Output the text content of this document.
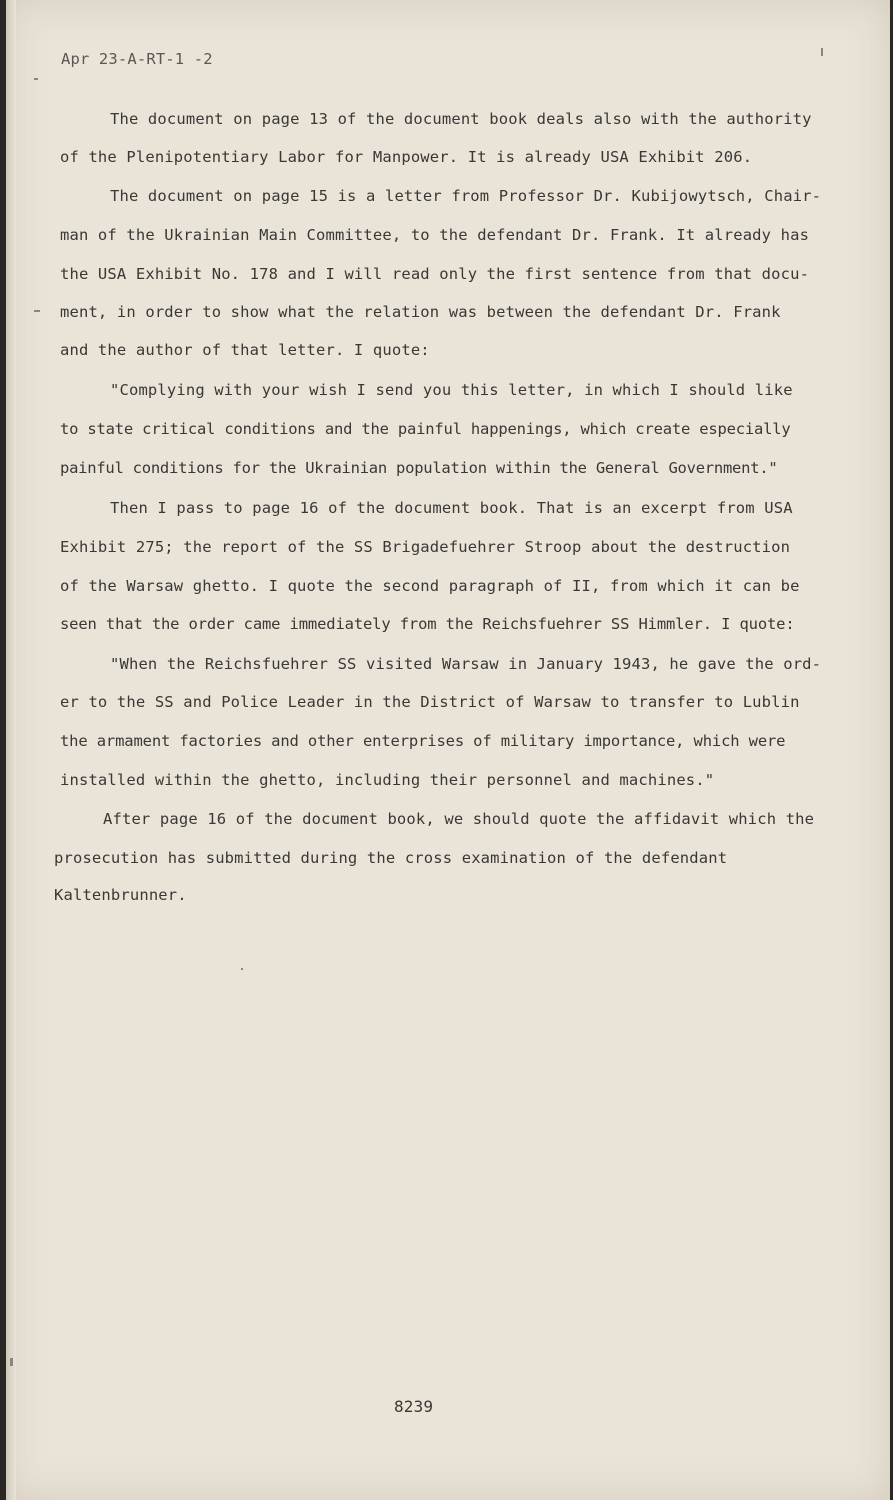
Apr 23-A-RT-1 -2
The document on page 13 of the document book deals also with the authority
of the Plenipotentiary Labor for Manpower. It is already USA Exhibit 206.
The document on page 15 is a letter from Professor Dr. Kubijowytsch, Chair-
man of the Ukrainian Main Committee, to the defendant Dr. Frank. It already has
the USA Exhibit No. 178 and I will read only the first sentence from that docu-
ment, in order to show what the relation was between the defendant Dr. Frank
and the author of that letter. I quote:
"Complying with your wish I send you this letter, in which I should like
to state critical conditions and the painful happenings, which create especially
painful conditions for the Ukrainian population within the General Government."
Then I pass to page 16 of the document book. That is an excerpt from USA
Exhibit 275; the report of the SS Brigadefuehrer Stroop about the destruction
of the Warsaw ghetto. I quote the second paragraph of II, from which it can be
seen that the order came immediately from the Reichsfuehrer SS Himmler. I quote:
"When the Reichsfuehrer SS visited Warsaw in January 1943, he gave the ord-
er to the SS and Police Leader in the District of Warsaw to transfer to Lublin
the armament factories and other enterprises of military importance, which were
installed within the ghetto, including their personnel and machines."
After page 16 of the document book, we should quote the affidavit which the
prosecution has submitted during the cross examination of the defendant
Kaltenbrunner.
8239
